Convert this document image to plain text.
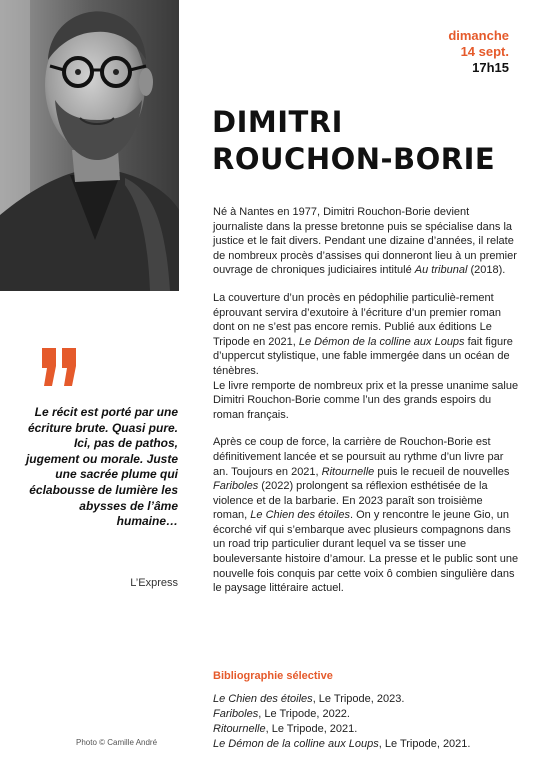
dimanche
14 sept.
17h15
DIMITRI
ROUCHON-BORIE

Né à Nantes en 1977, Dimitri Rouchon-Borie devient journaliste dans la presse bretonne puis se spécialise dans la justice et le fait divers. Pendant une dizaine d’années, il relate de nombreux procès d’assises qui donneront lieu à un premier ouvrage de chroniques judiciaires intitulé Au tribunal (2018).

La couverture d’un procès en pédophilie particuliè-rement éprouvant servira d’exutoire à l’écriture d’un premier roman dont on ne s’est pas encore remis. Publié aux éditions Le Tripode en 2021, Le Démon de la colline aux Loups fait figure d’uppercut stylistique, une fable immergée dans un océan de ténèbres.
Le livre remporte de nombreux prix et la presse unanime salue Dimitri Rouchon-Borie comme l’un des grands espoirs du roman français.

Après ce coup de force, la carrière de Rouchon-Borie est définitivement lancée et se poursuit au rythme d’un livre par an. Toujours en 2021, Ritournelle puis le recueil de nouvelles Fariboles (2022) prolongent sa réflexion esthétisée de la violence et de la barbarie. En 2023 paraît son troisième roman, Le Chien des étoiles. On y rencontre le jeune Gio, un écorché vif qui s’embarque avec plusieurs compagnons dans un road trip particulier durant lequel va se tisser une bouleversante histoire d’amour. La presse et le public sont une nouvelle fois conquis par cette voix ô combien singulière dans le paysage littéraire actuel.

Le récit est porté par une écriture brute. Quasi pure. Ici, pas de pathos, jugement ou morale. Juste une sacrée plume qui éclabousse de lumière les abysses de l’âme humaine…

L’Express
Bibliographie sélective
Le Chien des étoiles, Le Tripode, 2023.
Fariboles, Le Tripode, 2022.
Ritournelle, Le Tripode, 2021.
Le Démon de la colline aux Loups, Le Tripode, 2021.
Photo © Camille André
